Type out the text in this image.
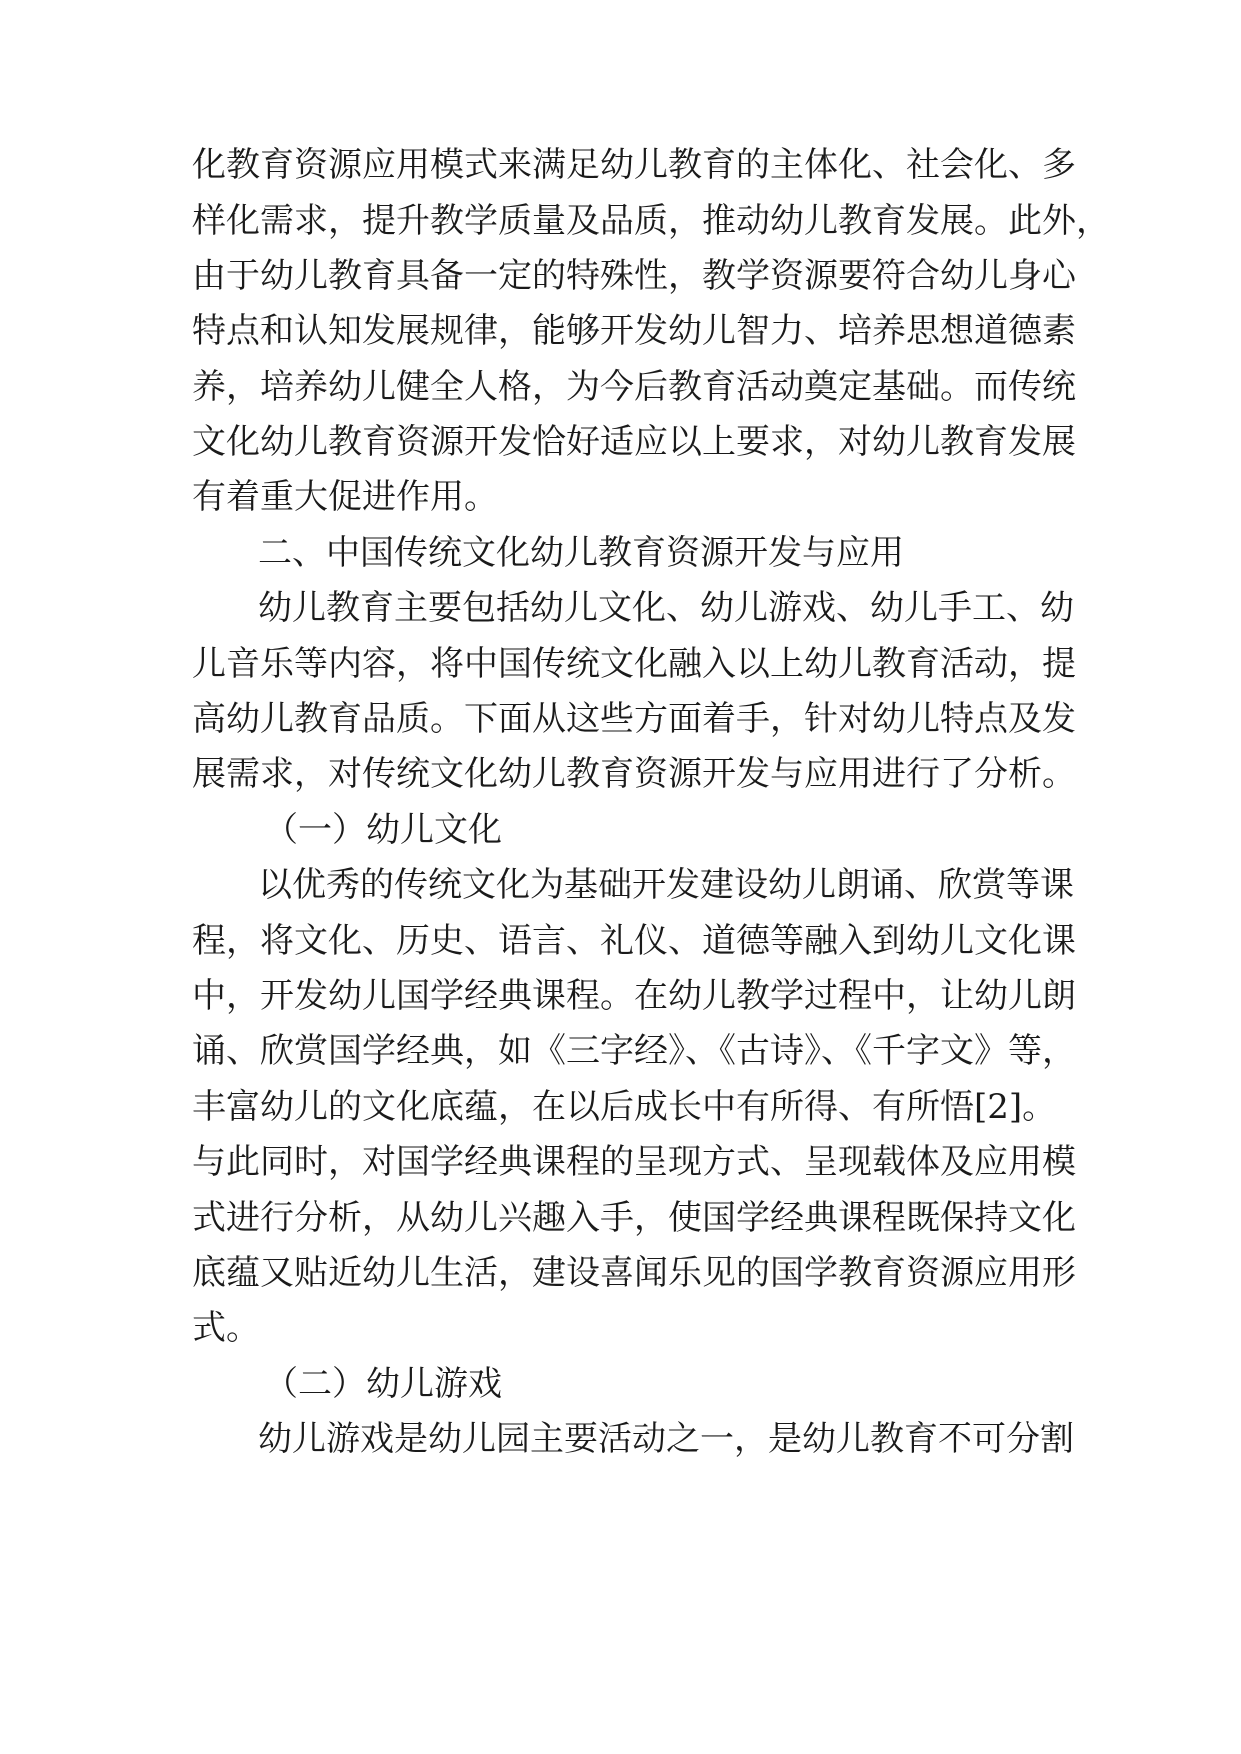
化教育资源应用模式来满足幼儿教育的主体化、社会化、多
样化需求，提升教学质量及品质，推动幼儿教育发展。此外，
由于幼儿教育具备一定的特殊性，教学资源要符合幼儿身心
特点和认知发展规律，能够开发幼儿智力、培养思想道德素
养，培养幼儿健全人格，为今后教育活动奠定基础。而传统
文化幼儿教育资源开发恰好适应以上要求，对幼儿教育发展
有着重大促进作用。
二、中国传统文化幼儿教育资源开发与应用
幼儿教育主要包括幼儿文化、幼儿游戏、幼儿手工、幼
儿音乐等内容，将中国传统文化融入以上幼儿教育活动，提
高幼儿教育品质。下面从这些方面着手，针对幼儿特点及发
展需求，对传统文化幼儿教育资源开发与应用进行了分析。
（一）幼儿文化
以优秀的传统文化为基础开发建设幼儿朗诵、欣赏等课
程，将文化、历史、语言、礼仪、道德等融入到幼儿文化课
中，开发幼儿国学经典课程。在幼儿教学过程中，让幼儿朗
诵、欣赏国学经典，如《三字经》、《古诗》、《千字文》等，
丰富幼儿的文化底蕴，在以后成长中有所得、有所悟[2]。
与此同时，对国学经典课程的呈现方式、呈现载体及应用模
式进行分析，从幼儿兴趣入手，使国学经典课程既保持文化
底蕴又贴近幼儿生活，建设喜闻乐见的国学教育资源应用形
式。
（二）幼儿游戏
幼儿游戏是幼儿园主要活动之一，是幼儿教育不可分割
